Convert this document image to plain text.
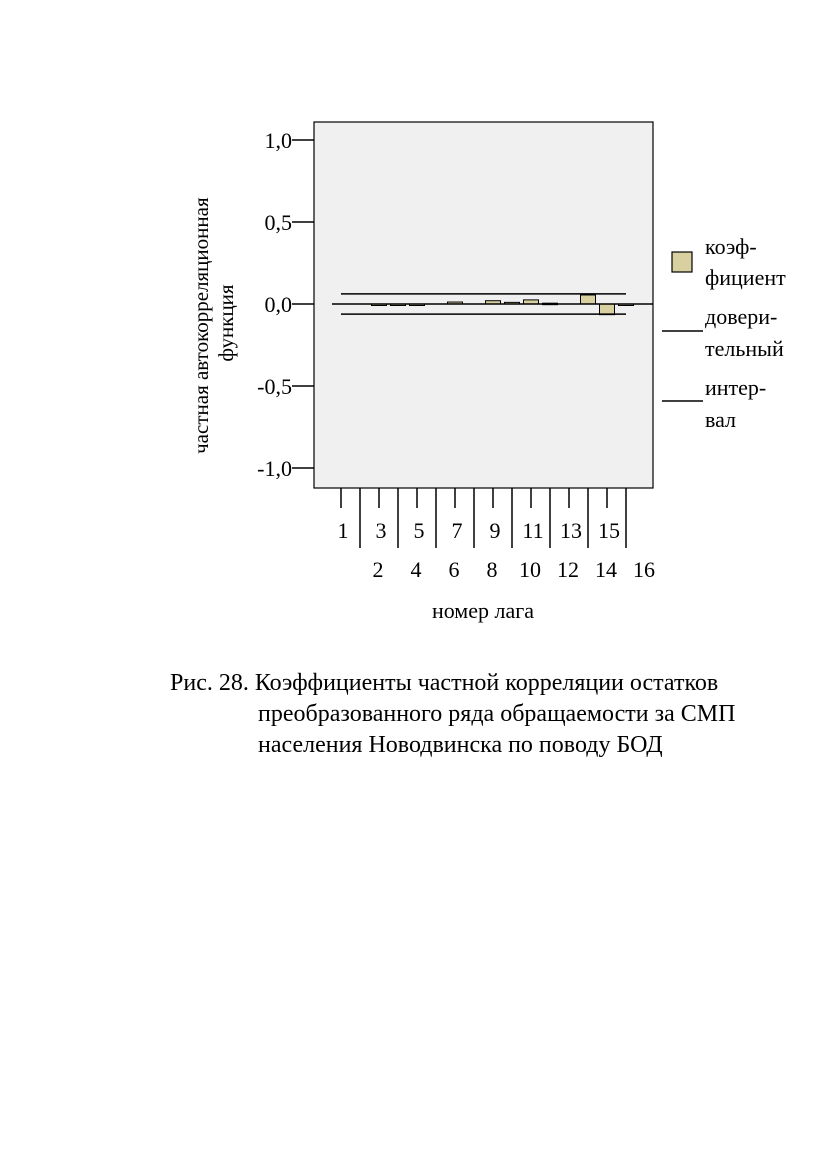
1,0
0,5
0,0
-0,5
-1,0
1
2
3
4
5
6
7
8
9
10
11
12
13
14
15
16
частная автокорреляционная функция
номер лага
коэф-
фициент
довери-
тельный
интер-
вал
Рис. 28. Коэффициенты частной корреляции остатков
преобразованного ряда обращаемости за СМП
населения Новодвинска по поводу БОД
